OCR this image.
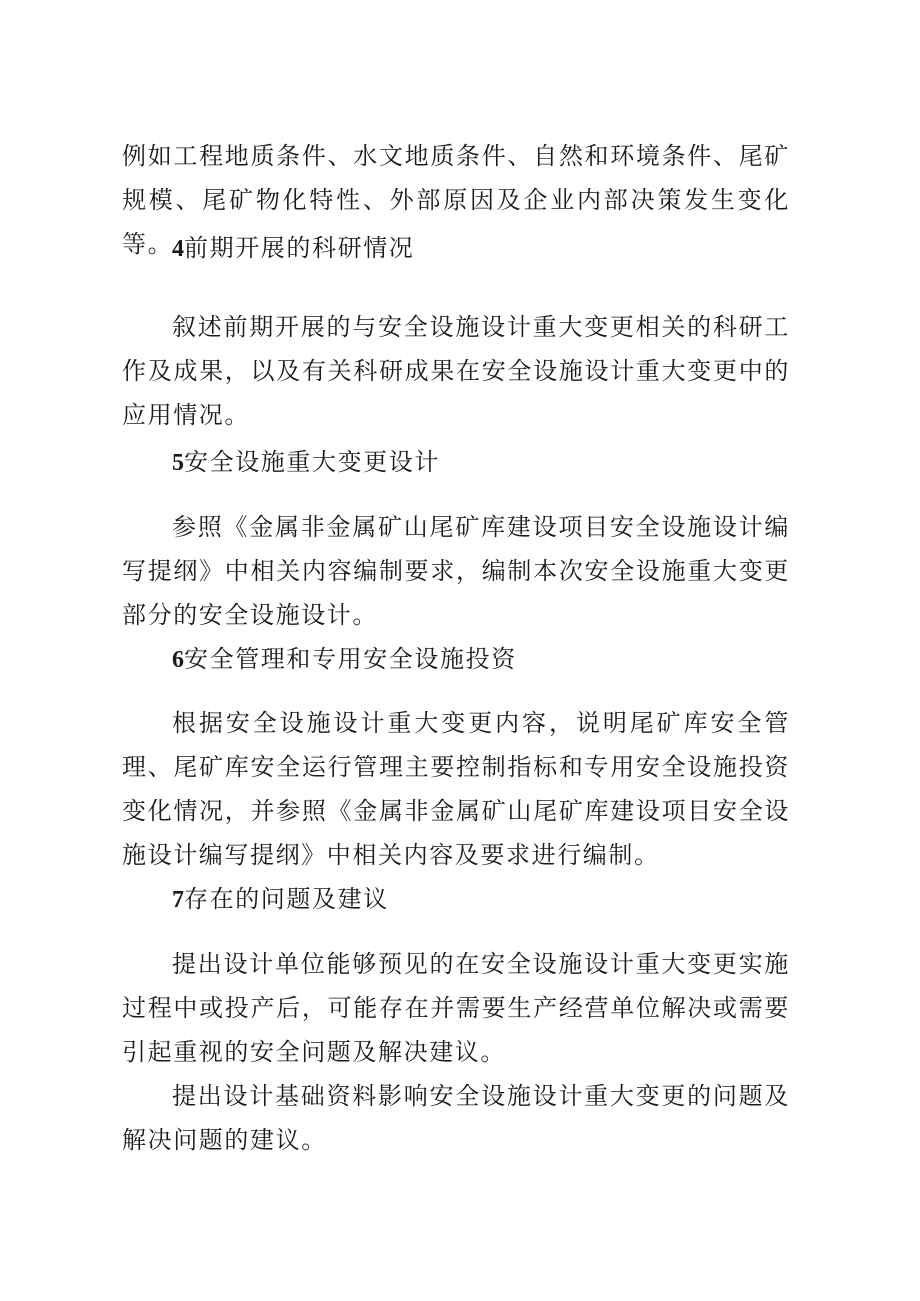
例如工程地质条件、水文地质条件、自然和环境条件、尾矿规模、尾矿物化特性、外部原因及企业内部决策发生变化等。

4前期开展的科研情况

叙述前期开展的与安全设施设计重大变更相关的科研工作及成果，以及有关科研成果在安全设施设计重大变更中的应用情况。

5安全设施重大变更设计

参照《金属非金属矿山尾矿库建设项目安全设施设计编写提纲》中相关内容编制要求，编制本次安全设施重大变更部分的安全设施设计。

6安全管理和专用安全设施投资

根据安全设施设计重大变更内容，说明尾矿库安全管理、尾矿库安全运行管理主要控制指标和专用安全设施投资变化情况，并参照《金属非金属矿山尾矿库建设项目安全设施设计编写提纲》中相关内容及要求进行编制。

7存在的问题及建议

提出设计单位能够预见的在安全设施设计重大变更实施过程中或投产后，可能存在并需要生产经营单位解决或需要引起重视的安全问题及解决建议。

提出设计基础资料影响安全设施设计重大变更的问题及解决问题的建议。
